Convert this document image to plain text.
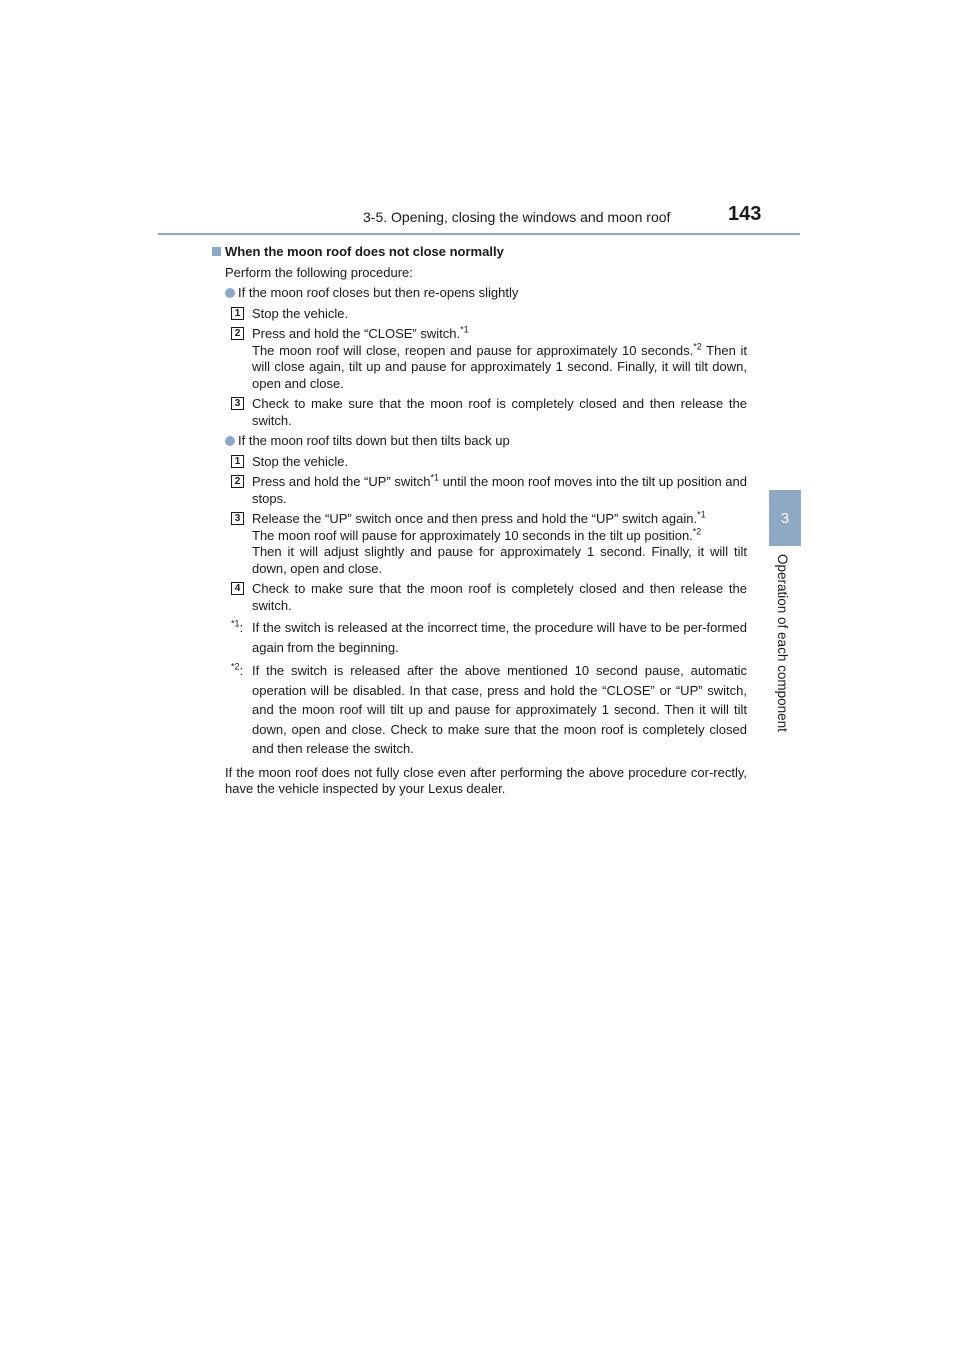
3-5. Opening, closing the windows and moon roof	143
3
Operation of each component
When the moon roof does not close normally

Perform the following procedure:

If the moon roof closes but then re-opens slightly
1 Stop the vehicle.
2 Press and hold the “CLOSE” switch.$^{*1}$
The moon roof will close, reopen and pause for approximately 10 seconds.$^{*2}$ Then it will close again, tilt up and pause for approximately 1 second. Finally, it will tilt down, open and close.
3 Check to make sure that the moon roof is completely closed and then release the switch.
If the moon roof tilts down but then tilts back up
1 Stop the vehicle.
2 Press and hold the “UP” switch$^{*1}$ until the moon roof moves into the tilt up position and stops.
3 Release the “UP” switch once and then press and hold the “UP” switch again.$^{*1}$
The moon roof will pause for approximately 10 seconds in the tilt up position.$^{*2}$
Then it will adjust slightly and pause for approximately 1 second. Finally, it will tilt down, open and close.
4 Check to make sure that the moon roof is completely closed and then release the switch.
$^{*1}$: If the switch is released at the incorrect time, the procedure will have to be per-formed again from the beginning.
$^{*2}$: If the switch is released after the above mentioned 10 second pause, automatic operation will be disabled. In that case, press and hold the “CLOSE” or “UP” switch, and the moon roof will tilt up and pause for approximately 1 second. Then it will tilt down, open and close. Check to make sure that the moon roof is completely closed and then release the switch.

If the moon roof does not fully close even after performing the above procedure cor-rectly, have the vehicle inspected by your Lexus dealer.
